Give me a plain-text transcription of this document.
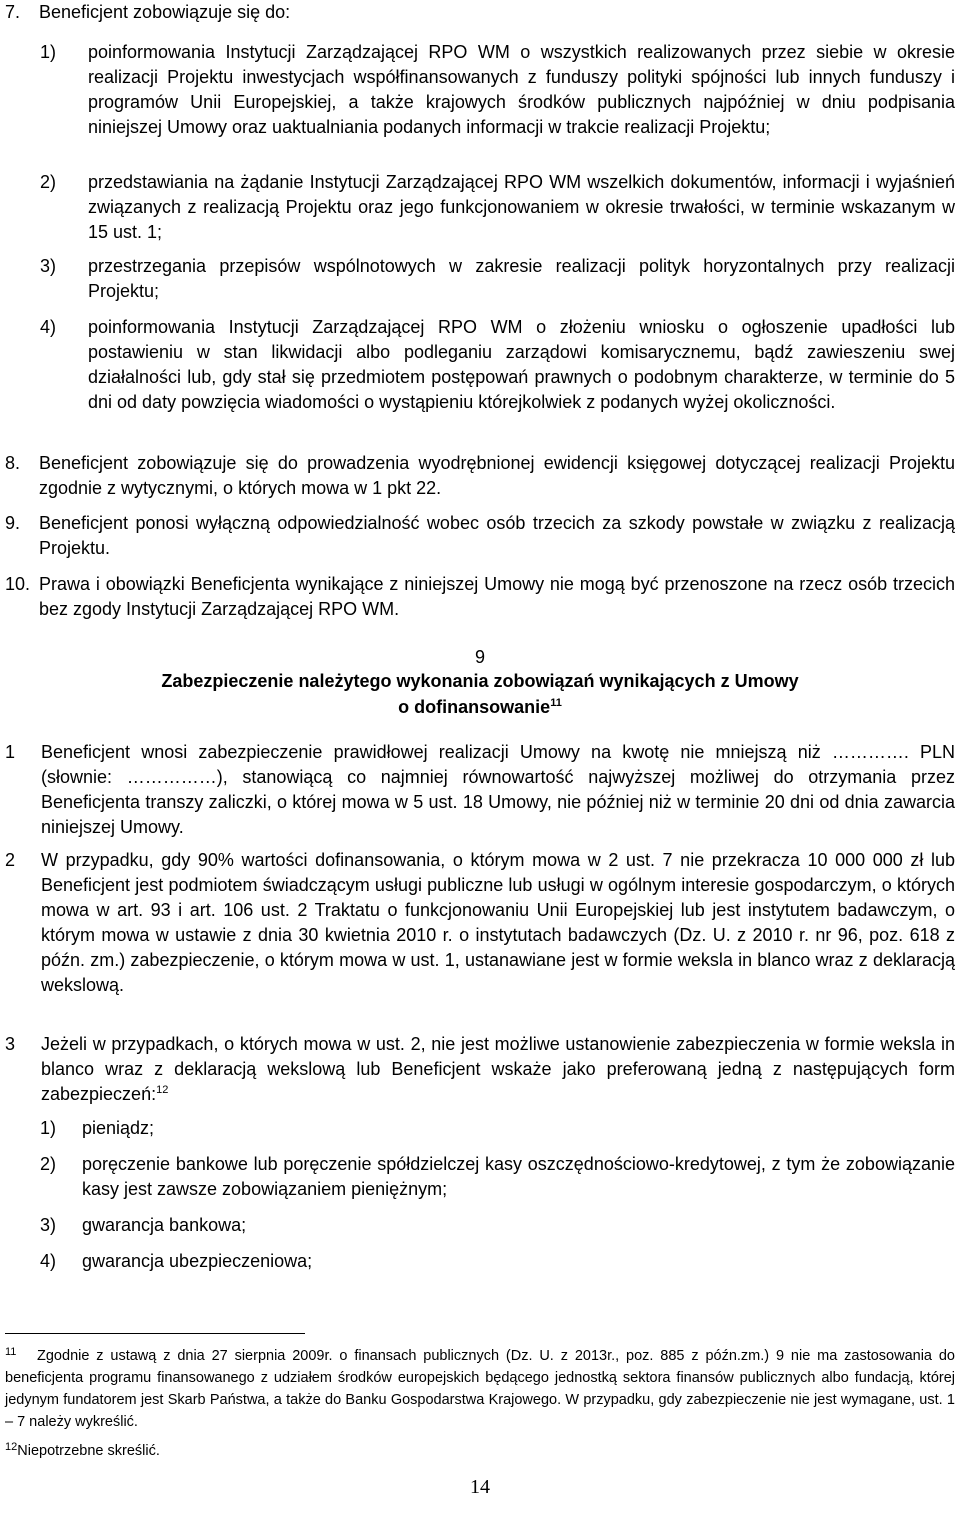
7.	Beneficjent zobowiązuje się do:
1)	poinformowania Instytucji Zarządzającej RPO WM o wszystkich realizowanych przez siebie w okresie realizacji Projektu inwestycjach współfinansowanych z funduszy polityki spójności lub innych funduszy i programów Unii Europejskiej, a także krajowych środków publicznych najpóźniej w dniu podpisania niniejszej Umowy oraz uaktualniania podanych informacji w trakcie realizacji Projektu;
2)	przedstawiania na żądanie Instytucji Zarządzającej RPO WM wszelkich dokumentów, informacji i wyjaśnień związanych z realizacją Projektu oraz jego funkcjonowaniem w okresie trwałości, w terminie wskazanym w 15 ust. 1;
3)	przestrzegania przepisów wspólnotowych w zakresie realizacji polityk horyzontalnych przy realizacji Projektu;
4)	poinformowania Instytucji Zarządzającej RPO WM o złożeniu wniosku o ogłoszenie upadłości lub postawieniu w stan likwidacji albo podleganiu zarządowi komisarycznemu, bądź zawieszeniu swej działalności lub, gdy stał się przedmiotem postępowań prawnych o podobnym charakterze, w terminie do 5 dni od daty powzięcia wiadomości o wystąpieniu którejkolwiek z podanych wyżej okoliczności.
8.	Beneficjent zobowiązuje się do prowadzenia wyodrębnionej ewidencji księgowej dotyczącej realizacji Projektu zgodnie z wytycznymi, o których mowa w 1 pkt 22.
9.	Beneficjent ponosi wyłączną odpowiedzialność wobec osób trzecich za szkody powstałe w związku z realizacją Projektu.
10. Prawa i obowiązki Beneficjenta wynikające z niniejszej Umowy nie mogą być przenoszone na rzecz osób trzecich bez zgody Instytucji Zarządzającej RPO WM.
9
Zabezpieczenie należytego wykonania zobowiązań wynikających z Umowy
o dofinansowanie$^{11}$
1	Beneficjent wnosi zabezpieczenie prawidłowej realizacji Umowy na kwotę nie mniejszą niż …………. PLN (słownie: ……………), stanowiącą co najmniej równowartość najwyższej możliwej do otrzymania przez Beneficjenta transzy zaliczki, o której mowa w 5 ust. 18 Umowy, nie później niż w terminie 20 dni od dnia zawarcia niniejszej Umowy.
2	W przypadku, gdy 90% wartości dofinansowania, o którym mowa w 2 ust. 7 nie przekracza 10 000 000 zł lub Beneficjent jest podmiotem świadczącym usługi publiczne lub usługi w ogólnym interesie gospodarczym, o których mowa w art. 93 i art. 106 ust. 2 Traktatu o funkcjonowaniu Unii Europejskiej lub jest instytutem badawczym, o którym mowa w ustawie z dnia 30 kwietnia 2010 r. o instytutach badawczych (Dz. U. z 2010 r. nr 96, poz. 618 z późn. zm.) zabezpieczenie, o którym mowa w ust. 1, ustanawiane jest w formie weksla in blanco wraz z deklaracją wekslową.
3	Jeżeli w przypadkach, o których mowa w ust. 2, nie jest możliwe ustanowienie zabezpieczenia w formie weksla in blanco wraz z deklaracją wekslową lub Beneficjent wskaże jako preferowaną jedną z następujących form zabezpieczeń:$^{12}$
1)	pieniądz;
2)	poręczenie bankowe lub poręczenie spółdzielczej kasy oszczędnościowo-kredytowej, z tym że zobowiązanie kasy jest zawsze zobowiązaniem pieniężnym;
3)	gwarancja bankowa;
4)	gwarancja ubezpieczeniowa;
$^{11}$ Zgodnie z ustawą z dnia 27 sierpnia 2009r. o finansach publicznych (Dz. U. z 2013r., poz. 885 z późn.zm.) 9 nie ma zastosowania do beneficjenta programu finansowanego z udziałem środków europejskich będącego jednostką sektora finansów publicznych albo fundacją, której jedynym fundatorem jest Skarb Państwa, a także do Banku Gospodarstwa Krajowego. W przypadku, gdy zabezpieczenie nie jest wymagane, ust. 1 – 7 należy wykreślić.
$^{12}$Niepotrzebne skreślić.
14
